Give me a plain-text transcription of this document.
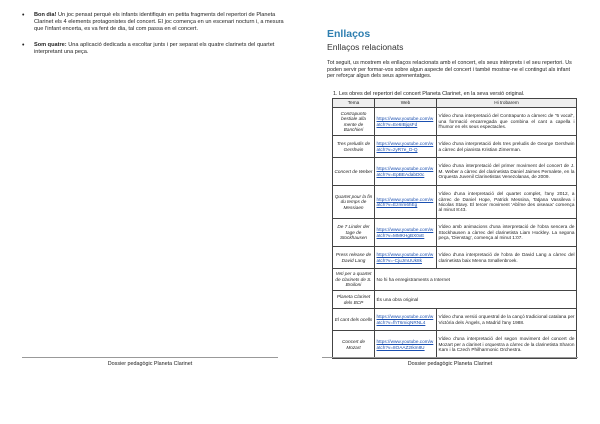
• Bon dia! Un joc pensat perquè els infants identifiquin en petita fragments del repertori de Planeta Clarinet els 4 elements protagonistes del concert. El joc comença en un escenari nocturn i, a mesura que l'infant encerta, es va fent de dia, tal com passa en el concert.
• Som quatre: Una aplicació dedicada a escoltar junts i per separat els quatre clarinets del quartet interpretant una peça.
Dossier pedagògic Planeta Clarinet
Enllaços
Enllaços relacionats
Tot seguit, us mostrem els enllaços relacionats amb el concert, els seus intèrprets i el seu repertori. Us poden servir per formar-vos sobre algun aspecte del concert i també mostrar-ne el contingut als infant per reforçar algun dels seus aprenentatges.
1. Les obres del repertori del concert Planeta Clarinet, en la seva versió original.
Tema	Web	Hi trobarem
Contrapunto bestiale alla mente de Banchieri	https://www.youtube.com/watch?v=Ee6IBjqsFd	Vídeo d'una interpretació del Contrapunto a càmerc de "6 vocal", una formació encarregada que combina el cant a capella i l'humor en els seus espectacles.
Tres preludis de Gershwin	https://www.youtube.com/watch?v=zyR7e_D-Q	Vídeo d'una interpretació dels tres preludis de George Gershwin a càrrec del pianista Kristian Zimerman.
Concert de Weber	https://www.youtube.com/watch?v=EpBEAdabD0c	Vídeo d'una interpretació del primer moviment del concert de J. M. Weber a càrrec del clarinetista Daniel Jaimes Pernalete, en la Orquesta Juvenil Clarinetistas Venezolanas, de 2009.
Quartet pour la fin du temps de Messiaen	https://www.youtube.com/watch?v=Ezmm6hEg	Vídeo d'una interpretació del quartet complet, l'any 2012, a càrrec de Daniel Hope, Patrick Messina, Tatjana Vassileva i Nicolas Stavy. El tercer moviment 'Abîme des oiseaux' comença al minut 8:43.
De 7 Linder der tage de Stockhausen	https://www.youtube.com/watch?v=MMKHgBX0xE	Vídeo amb animacions d'una interpretació de l'obra sencera de Stockhausen a càrrec del clarinetista Liam Hockley. La segona peça, 'Dienstag', comença al minut 1:07.
Press release de David Lang	https://www.youtube.com/watch?v=-CjuJmUUk8k	Vídeo d'una interpretació de l'obra de David Lang a càrrec del clarinetista baix Menna Smallenbroek.
Veti per a quartet de clarinets de S. Broiloni	No hi ha enregistraments a Internet	
Planeta Clarinet dels BCP	És una obra original	
El cant dels ocells	https://www.youtube.com/watch?v=fhT6miqNRNL4	Vídeo d'una versió orquestral de la cançó tradicional catalana per Victòria dels Àngels, a Madrid l'any 1988.
Concert de Mozart	https://www.youtube.com/watch?v=8OAAZ2Ikm8U	Vídeo d'una interpretació del segon moviment del concert de Mozart per a clarinet i orquestra a càrrec de la clarinetista Sharon Kam i la Czech Philharmonic Orchestra.
Dossier pedagògic Planeta Clarinet
